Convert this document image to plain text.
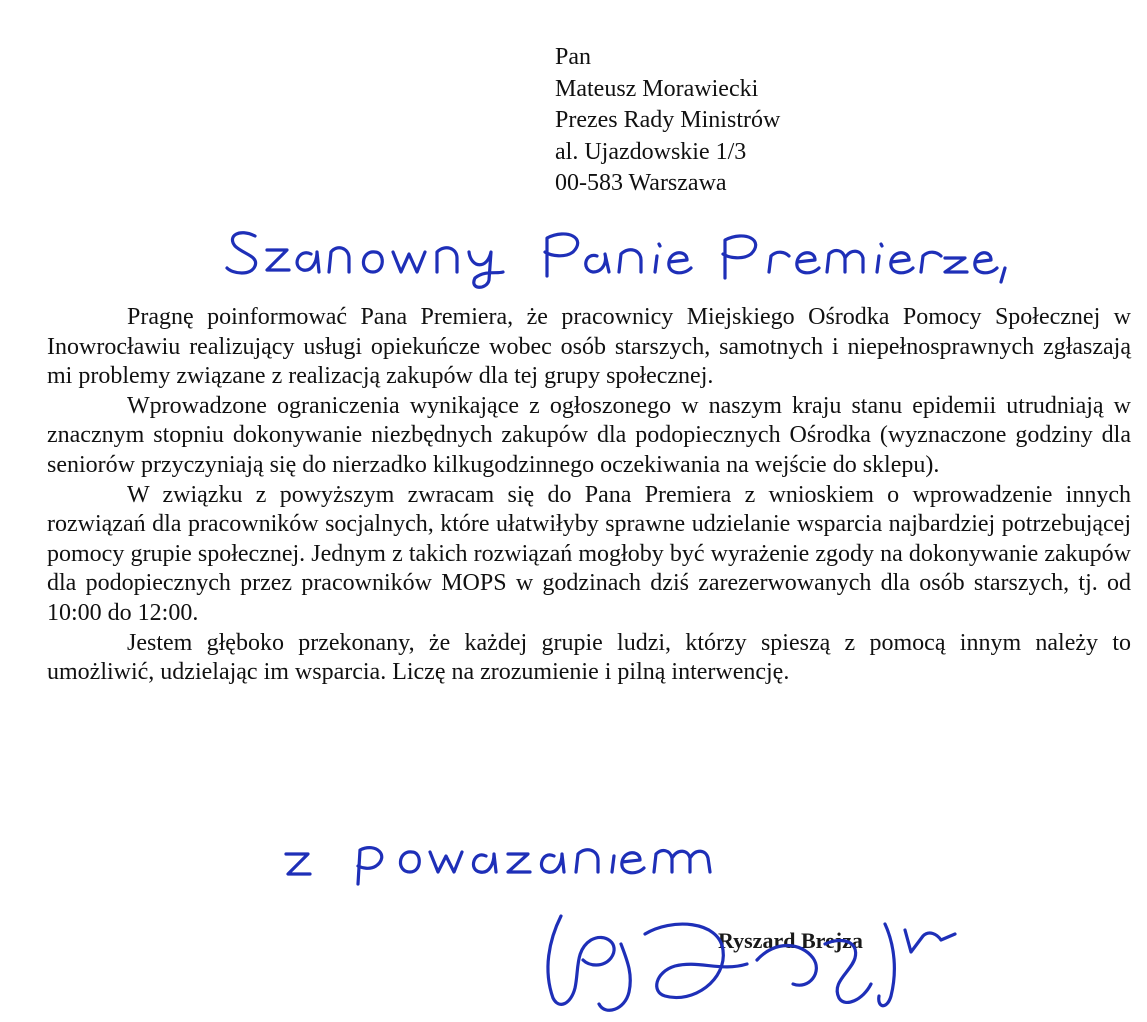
Pan
Mateusz Morawiecki
Prezes Rady Ministrów
al. Ujazdowskie 1/3
00-583 Warszawa

Pragnę poinformować Pana Premiera, że pracownicy Miejskiego Ośrodka Pomocy Społecznej w Inowrocławiu realizujący usługi opiekuńcze wobec osób starszych, samotnych i niepełnosprawnych zgłaszają mi problemy związane z realizacją zakupów dla tej grupy społecznej.

Wprowadzone ograniczenia wynikające z ogłoszonego w naszym kraju stanu epidemii utrudniają w znacznym stopniu dokonywanie niezbędnych zakupów dla podopiecznych Ośrodka (wyznaczone godziny dla seniorów przyczyniają się do nierzadko kilkugodzinnego oczekiwania na wejście do sklepu).

W związku z powyższym zwracam się do Pana Premiera z wnioskiem o wprowadzenie innych rozwiązań dla pracowników socjalnych, które ułatwiłyby sprawne udzielanie wsparcia najbardziej potrzebującej pomocy grupie społecznej. Jednym z takich rozwiązań mogłoby być wyrażenie zgody na dokonywanie zakupów dla podopiecznych przez pracowników MOPS w godzinach dziś zarezerwowanych dla osób starszych, tj. od 10:00 do 12:00.

Jestem głęboko przekonany, że każdej grupie ludzi, którzy spieszą z pomocą innym należy to umożliwić, udzielając im wsparcia. Liczę na zrozumienie i pilną interwencję.

Ryszard Brejza
